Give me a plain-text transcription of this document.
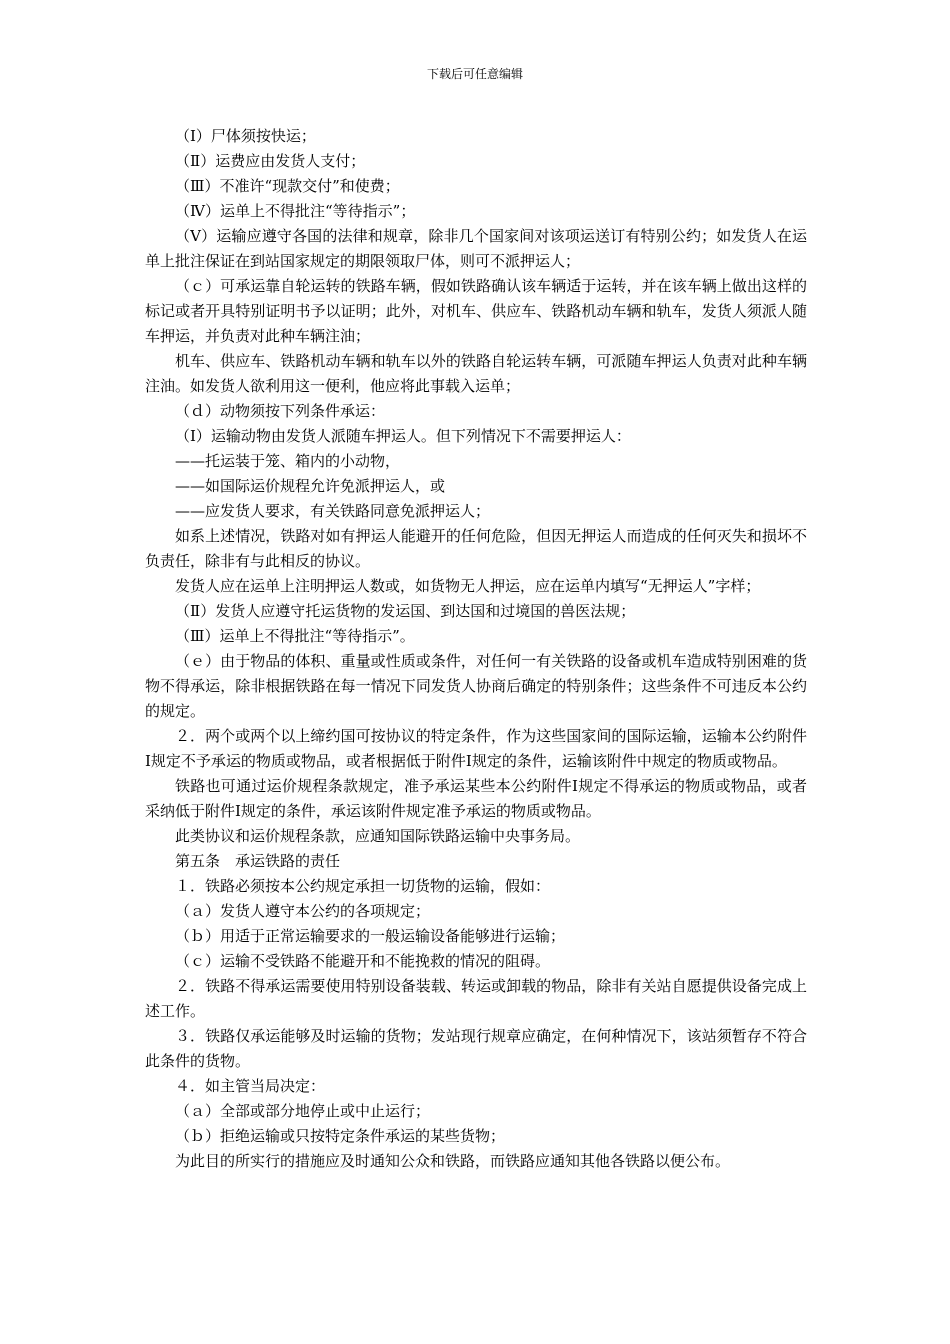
下载后可任意编辑

（Ⅰ）尸体须按快运；

（Ⅱ）运费应由发货人支付；

（Ⅲ）不准许“现款交付”和使费；

（Ⅳ）运单上不得批注“等待指示”；

（Ⅴ）运输应遵守各国的法律和规章，除非几个国家间对该项运送订有特别公约；如发货人在运单上批注保证在到站国家规定的期限领取尸体，则可不派押运人；

（ｃ）可承运靠自轮运转的铁路车辆，假如铁路确认该车辆适于运转，并在该车辆上做出这样的标记或者开具特别证明书予以证明；此外，对机车、供应车、铁路机动车辆和轨车，发货人须派人随车押运，并负责对此种车辆注油；

机车、供应车、铁路机动车辆和轨车以外的铁路自轮运转车辆，可派随车押运人负责对此种车辆注油。如发货人欲利用这一便利，他应将此事载入运单；

（ｄ）动物须按下列条件承运：

（Ⅰ）运输动物由发货人派随车押运人。但下列情况下不需要押运人：

——托运装于笼、箱内的小动物，

——如国际运价规程允许免派押运人，或

——应发货人要求，有关铁路同意免派押运人；

如系上述情况，铁路对如有押运人能避开的任何危险，但因无押运人而造成的任何灭失和损坏不负责任，除非有与此相反的协议。

发货人应在运单上注明押运人数或，如货物无人押运，应在运单内填写“无押运人”字样；

（Ⅱ）发货人应遵守托运货物的发运国、到达国和过境国的兽医法规；

（Ⅲ）运单上不得批注“等待指示”。

（ｅ）由于物品的体积、重量或性质或条件，对任何一有关铁路的设备或机车造成特别困难的货物不得承运，除非根据铁路在每一情况下同发货人协商后确定的特别条件；这些条件不可违反本公约的规定。

２．两个或两个以上缔约国可按协议的特定条件，作为这些国家间的国际运输，运输本公约附件Ⅰ规定不予承运的物质或物品，或者根据低于附件Ⅰ规定的条件，运输该附件中规定的物质或物品。

铁路也可通过运价规程条款规定，准予承运某些本公约附件Ⅰ规定不得承运的物质或物品，或者采纳低于附件Ⅰ规定的条件，承运该附件规定准予承运的物质或物品。

此类协议和运价规程条款，应通知国际铁路运输中央事务局。

第五条　承运铁路的责任

１．铁路必须按本公约规定承担一切货物的运输，假如：

（ａ）发货人遵守本公约的各项规定；

（ｂ）用适于正常运输要求的一般运输设备能够进行运输；

（ｃ）运输不受铁路不能避开和不能挽救的情况的阻碍。

２．铁路不得承运需要使用特别设备装载、转运或卸载的物品，除非有关站自愿提供设备完成上述工作。

３．铁路仅承运能够及时运输的货物；发站现行规章应确定，在何种情况下，该站须暂存不符合此条件的货物。

４．如主管当局决定：

（ａ）全部或部分地停止或中止运行；

（ｂ）拒绝运输或只按特定条件承运的某些货物；

为此目的所实行的措施应及时通知公众和铁路，而铁路应通知其他各铁路以便公布。
